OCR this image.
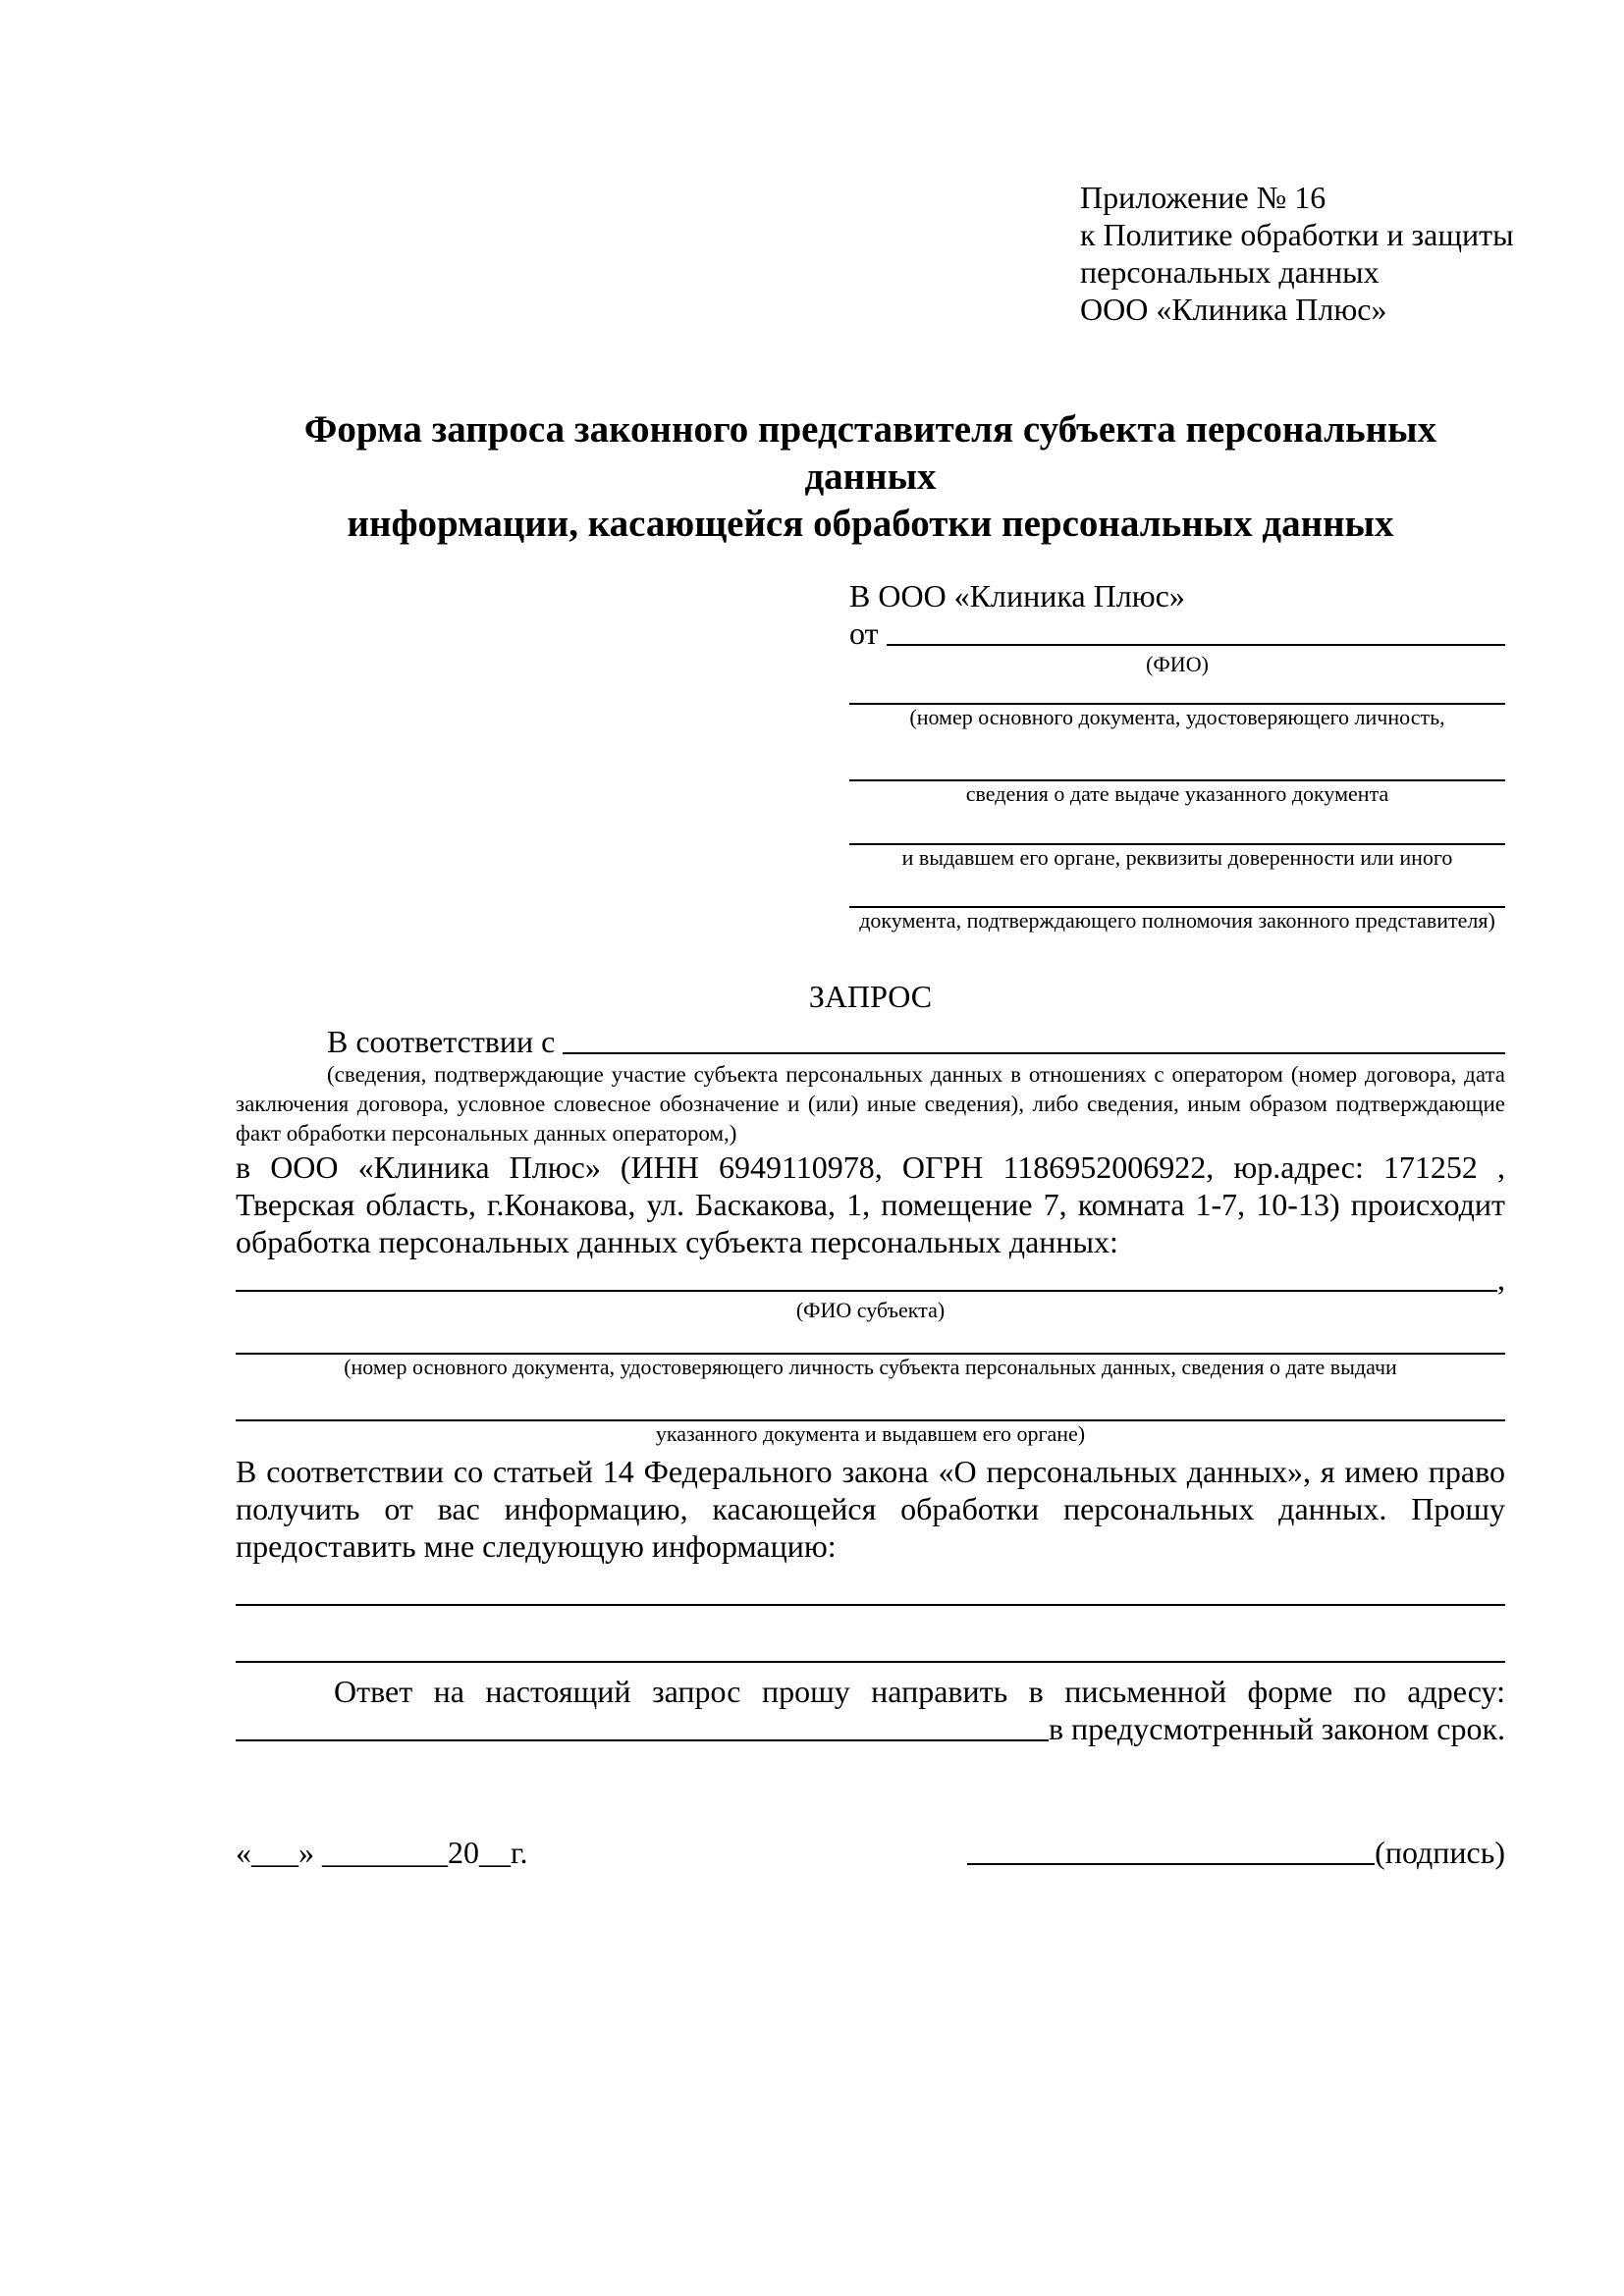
Приложение № 16
к Политике обработки и защиты
персональных данных
ООО «Клиника Плюс»
Форма запроса законного представителя субъекта персональных данных
информации, касающейся обработки персональных данных
В ООО «Клиника Плюс»
от
(ФИО)
(номер основного документа, удостоверяющего личность,
сведения о дате выдаче указанного документа
и выдавшем его органе, реквизиты доверенности или иного
документа, подтверждающего полномочия законного представителя)
ЗАПРОС
В соответствии с
(сведения, подтверждающие участие субъекта персональных данных в отношениях с оператором (номер договора, дата заключения договора, условное словесное обозначение и (или) иные сведения), либо сведения, иным образом подтверждающие факт обработки персональных данных оператором,)
в ООО «Клиника Плюс» (ИНН 6949110978, ОГРН 1186952006922, юр.адрес: 171252 , Тверская область, г.Конакова, ул. Баскакова, 1, помещение 7, комната 1-7, 10-13) происходит обработка персональных данных субъекта персональных данных:
,
(ФИО субъекта)
(номер основного документа, удостоверяющего личность субъекта персональных данных, сведения о дате выдачи
указанного документа и выдавшем его органе)
В соответствии со статьей 14 Федерального закона «О персональных данных», я имею право получить от вас информацию, касающейся обработки персональных данных. Прошу предоставить мне следующую информацию:
Ответ на настоящий запрос прошу направить в письменной форме по адресу:
в предусмотренный законом срок.
«___» ________20__г.	(подпись)
